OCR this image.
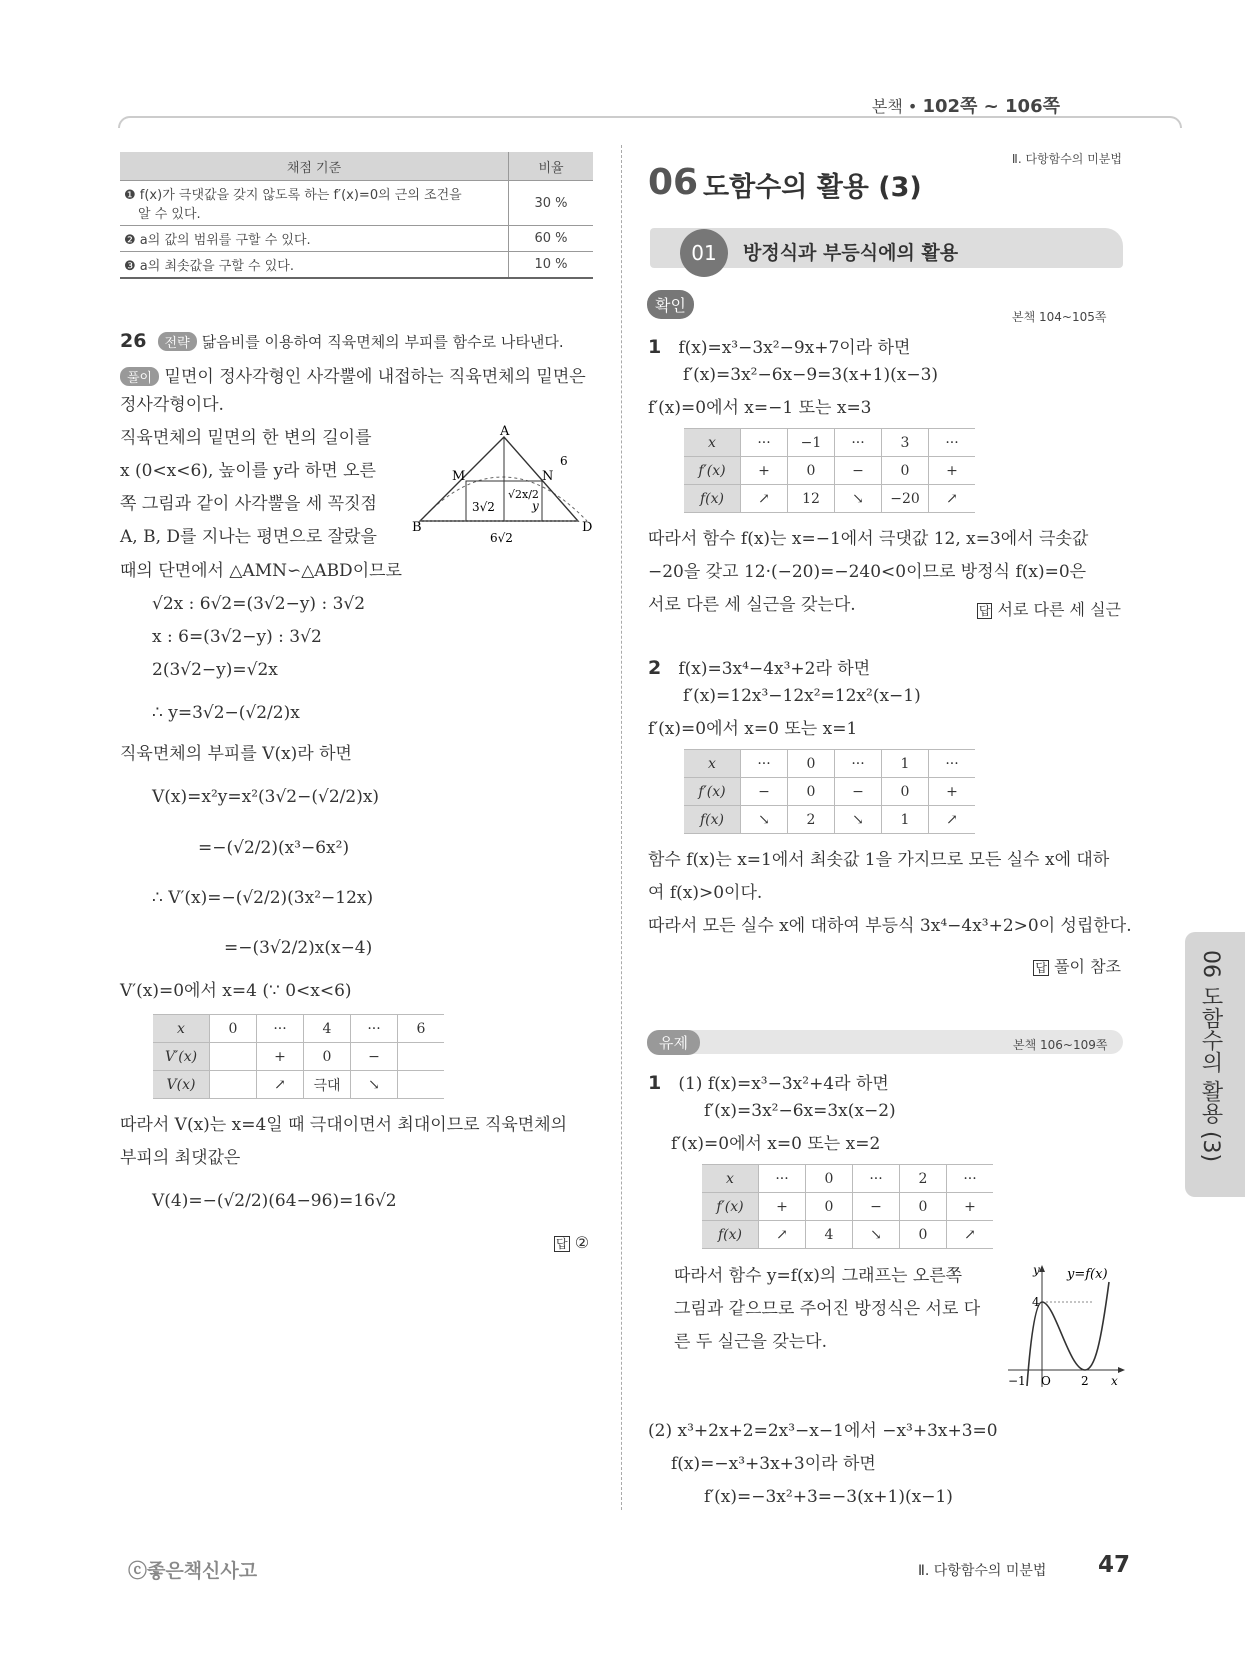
본책 • 102쪽 ~ 106쪽
채점 기준	비율

❶ f(x)가 극댓값을 갖지 않도록 하는 f′(x)=0의 근의 조건을
알 수 있다.	30 %
❷ a의 값의 범위를 구할 수 있다.	60 %
❸ a의 최솟값을 구할 수 있다.	10 %
26 전략 닮음비를 이용하여 직육면체의 부피를 함수로 나타낸다.
풀이 밑면이 정사각형인 사각뿔에 내접하는 직육면체의 밑면은
정사각형이다.
직육면체의 밑면의 한 변의 길이를
x (0<x<6), 높이를 y라 하면 오른
쪽 그림과 같이 사각뿔을 세 꼭짓점
A, B, D를 지나는 평면으로 잘랐을
때의 단면에서 △AMN∽△ABD이므로
√2x : 6√2=(3√2−y) : 3√2
x : 6=(3√2−y) : 3√2
2(3√2−y)=√2x
∴ y=3√2−(√2/2)x
직육면체의 부피를 V(x)라 하면
V(x)=x²y=x²(3√2−(√2/2)x)
=−(√2/2)(x³−6x²)
∴ V′(x)=−(√2/2)(3x²−12x)
=−(3√2/2)x(x−4)
V′(x)=0에서 x=4 (∵ 0<x<6)
A
B	D
M	N
6
6√2
3√2
√2x/2
y
x	0	···	4	···	6
V′(x)		+	0	−	
V(x)		↗	극대	↘	
따라서 V(x)는 x=4일 때 극대이면서 최대이므로 직육면체의
부피의 최댓값은
V(4)=−(√2/2)(64−96)=16√2
답 ②
Ⅱ. 다항함수의 미분법
06 도함수의 활용 (3)
01	방정식과 부등식에의 활용
확인
본책 104~105쪽
1 f(x)=x³−3x²−9x+7이라 하면
f′(x)=3x²−6x−9=3(x+1)(x−3)
f′(x)=0에서 x=−1 또는 x=3
x	···	−1	···	3	···
f′(x)	+	0	−	0	+
f(x)	↗	12	↘	−20	↗
따라서 함수 f(x)는 x=−1에서 극댓값 12, x=3에서 극솟값
−20을 갖고 12·(−20)=−240<0이므로 방정식 f(x)=0은
서로 다른 세 실근을 갖는다.	답 서로 다른 세 실근
2 f(x)=3x⁴−4x³+2라 하면
f′(x)=12x³−12x²=12x²(x−1)
f′(x)=0에서 x=0 또는 x=1
x	···	0	···	1	···
f′(x)	−	0	−	0	+
f(x)	↘	2	↘	1	↗
함수 f(x)는 x=1에서 최솟값 1을 가지므로 모든 실수 x에 대하
여 f(x)>0이다.
따라서 모든 실수 x에 대하여 부등식 3x⁴−4x³+2>0이 성립한다.
답 풀이 참조
유제	본책 106~109쪽
1 (1) f(x)=x³−3x²+4라 하면
f′(x)=3x²−6x=3x(x−2)
f′(x)=0에서 x=0 또는 x=2
x	···	0	···	2	···
f′(x)	+	0	−	0	+
f(x)	↗	4	↘	0	↗
따라서 함수 y=f(x)의 그래프는 오른쪽
그림과 같으므로 주어진 방정식은 서로 다
른 두 실근을 갖는다.
y y=f(x)
4
−1 O	2 x
(2) x³+2x+2=2x³−x−1에서 −x³+3x+3=0
f(x)=−x³+3x+3이라 하면
f′(x)=−3x²+3=−3(x+1)(x−1)
06 도함수의 활용 (3)
ⓒ좋은책신사고	Ⅱ. 다항함수의 미분법 47
